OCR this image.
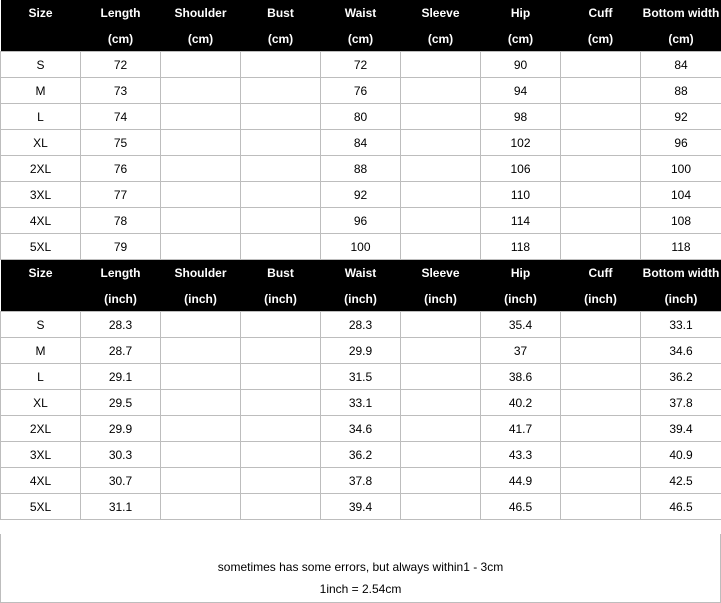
Size	Length	Shoulder	Bust	Waist	Sleeve	Hip	Cuff	Bottom width
	(cm)	(cm)	(cm)	(cm)	(cm)	(cm)	(cm)	(cm)
S	72			72		90		84
M	73			76		94		88
L	74			80		98		92
XL	75			84		102		96
2XL	76			88		106		100
3XL	77			92		110		104
4XL	78			96		114		108
5XL	79			100		118		118
Size	Length	Shoulder	Bust	Waist	Sleeve	Hip	Cuff	Bottom width
	(inch)	(inch)	(inch)	(inch)	(inch)	(inch)	(inch)	(inch)
S	28.3			28.3		35.4		33.1
M	28.7			29.9		37		34.6
L	29.1			31.5		38.6		36.2
XL	29.5			33.1		40.2		37.8
2XL	29.9			34.6		41.7		39.4
3XL	30.3			36.2		43.3		40.9
4XL	30.7			37.8		44.9		42.5
5XL	31.1			39.4		46.5		46.5
sometimes has some errors, but always within1 - 3cm
1inch = 2.54cm
